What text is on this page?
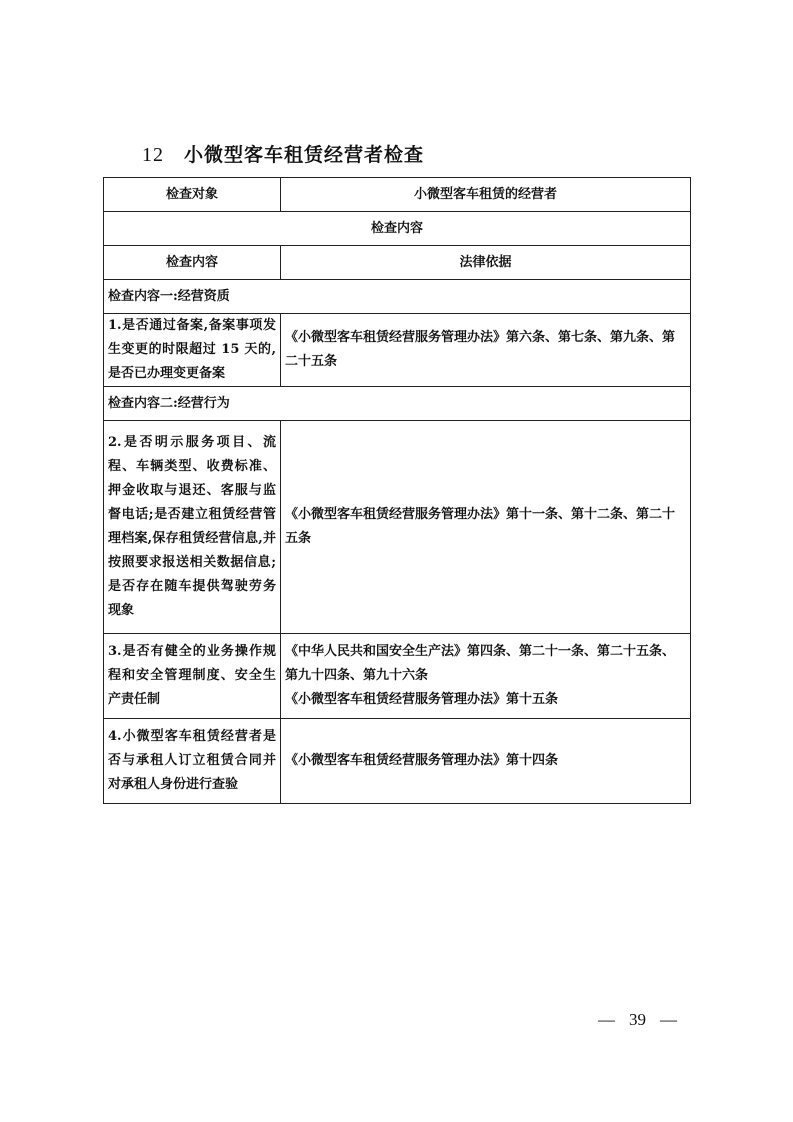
12 小微型客车租赁经营者检查
检查对象	小微型客车租赁的经营者
检查内容	
检查内容	法律依据
检查内容一:经营资质	
1.是否通过备案,备案事项发生变更的时限超过 15 天的,是否已办理变更备案	《小微型客车租赁经营服务管理办法》第六条、第七条、第九条、第二十五条

检查内容二:经营行为	
2.是否明示服务项目、流程、车辆类型、收费标准、押金收取与退还、客服与监督电话;是否建立租赁经营管理档案,保存租赁经营信息,并按照要求报送相关数据信息;是否存在随车提供驾驶劳务现象	《小微型客车租赁经营服务管理办法》第十一条、第十二条、第二十五条

3.是否有健全的业务操作规程和安全管理制度、安全生产责任制	《中华人民共和国安全生产法》第四条、第二十一条、第二十五条、第九十四条、第九十六条
《小微型客车租赁经营服务管理办法》第十五条

4.小微型客车租赁经营者是否与承租人订立租赁合同并对承租人身份进行查验	《小微型客车租赁经营服务管理办法》第十四条
— 39 —
